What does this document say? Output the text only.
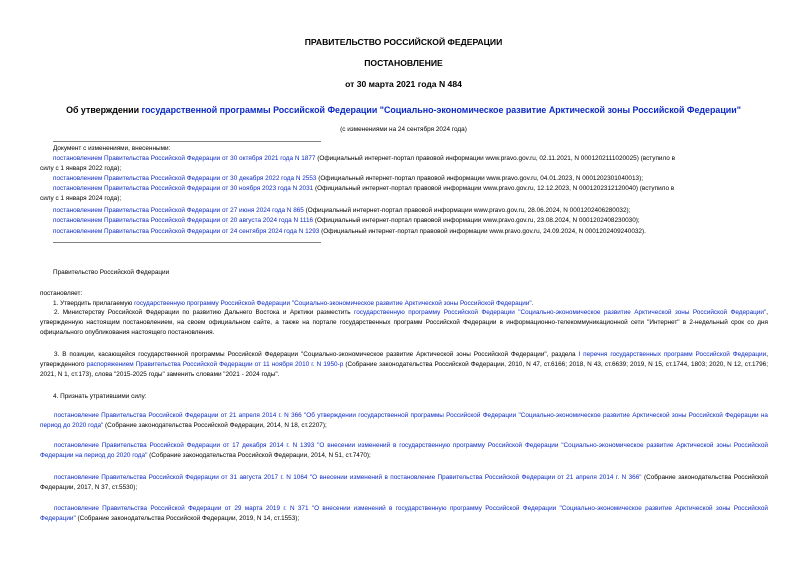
ПРАВИТЕЛЬСТВО РОССИЙСКОЙ ФЕДЕРАЦИИ
ПОСТАНОВЛЕНИЕ
от 30 марта 2021 года N 484
Об утверждении государственной программы Российской Федерации "Социально-экономическое развитие Арктической зоны Российской Федерации"
(с изменениями на 24 сентября 2024 года)
Документ с изменениями, внесенными:
постановлением Правительства Российской Федерации от 30 октября 2021 года N 1877 (Официальный интернет-портал правовой информации www.pravo.gov.ru, 02.11.2021, N 0001202111020025) (вступило в
силу с 1 января 2022 года);
постановлением Правительства Российской Федерации от 30 декабря 2022 года N 2553 (Официальный интернет-портал правовой информации www.pravo.gov.ru, 04.01.2023, N 0001202301040013);
постановлением Правительства Российской Федерации от 30 ноября 2023 года N 2031 (Официальный интернет-портал правовой информации www.pravo.gov.ru, 12.12.2023, N 0001202312120040) (вступило в
силу с 1 января 2024 года);
постановлением Правительства Российской Федерации от 27 июня 2024 года N 865 (Официальный интернет-портал правовой информации www.pravo.gov.ru, 28.06.2024, N 0001202406280032);
постановлением Правительства Российской Федерации от 20 августа 2024 года N 1116 (Официальный интернет-портал правовой информации www.pravo.gov.ru, 23.08.2024, N 0001202408230030);
постановлением Правительства Российской Федерации от 24 сентября 2024 года N 1293 (Официальный интернет-портал правовой информации www.pravo.gov.ru, 24.09.2024, N 0001202409240032).
Правительство Российской Федерации
постановляет:
1. Утвердить прилагаемую государственную программу Российской Федерации "Социально-экономическое развитие Арктической зоны Российской Федерации".
2. Министерству Российской Федерации по развитию Дальнего Востока и Арктики разместить государственную программу Российской Федерации "Социально-экономическое развитие Арктической зоны Российской Федерации", утвержденную настоящим постановлением, на своем официальном сайте, а также на портале государственных программ Российской Федерации в информационно-телекоммуникационной сети "Интернет" в 2-недельный срок со дня официального опубликования настоящего постановления.
3. В позиции, касающейся государственной программы Российской Федерации "Социально-экономическое развитие Арктической зоны Российской Федерации", раздела I перечня государственных программ Российской Федерации, утвержденного распоряжением Правительства Российской Федерации от 11 ноября 2010 г. N 1950-р (Собрание законодательства Российской Федерации, 2010, N 47, ст.6166; 2018, N 43, ст.6639; 2019, N 15, ст.1744, 1803; 2020, N 12, ст.1796; 2021, N 1, ст.173), слова "2015-2025 годы" заменить словами "2021 - 2024 годы".
4. Признать утратившими силу:
постановление Правительства Российской Федерации от 21 апреля 2014 г. N 366 "Об утверждении государственной программы Российской Федерации "Социально-экономическое развитие Арктической зоны Российской Федерации на период до 2020 года" (Собрание законодательства Российской Федерации, 2014, N 18, ст.2207);
постановление Правительства Российской Федерации от 17 декабря 2014 г. N 1393 "О внесении изменений в государственную программу Российской Федерации "Социально-экономическое развитие Арктической зоны Российской Федерации на период до 2020 года" (Собрание законодательства Российской Федерации, 2014, N 51, ст.7470);
постановление Правительства Российской Федерации от 31 августа 2017 г. N 1064 "О внесении изменений в постановление Правительства Российской Федерации от 21 апреля 2014 г. N 366" (Собрание законодательства Российской Федерации, 2017, N 37, ст.5530);
постановление Правительства Российской Федерации от 29 марта 2019 г. N 371 "О внесении изменений в государственную программу Российской Федерации "Социально-экономическое развитие Арктической зоны Российской Федерации" (Собрание законодательства Российской Федерации, 2019, N 14, ст.1553);
